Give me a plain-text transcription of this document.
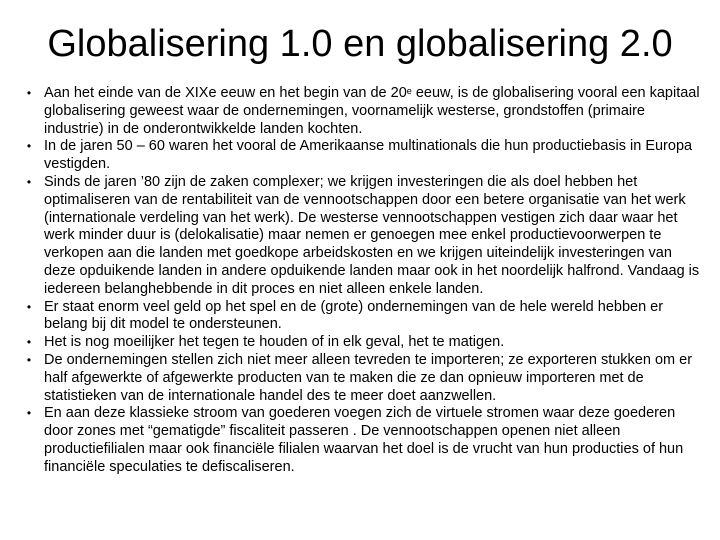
Globalisering 1.0 en globalisering 2.0
• Aan het einde van de XIXe eeuw en het begin van de 20e eeuw, is de globalisering vooral een kapitaal globalisering geweest waar de ondernemingen, voornamelijk westerse, grondstoffen (primaire industrie) in de onderontwikkelde landen kochten.
• In de jaren 50 – 60 waren het vooral de Amerikaanse multinationals die hun productiebasis in Europa vestigden.
• Sinds de jaren ’80 zijn de zaken complexer; we krijgen investeringen die als doel hebben het optimaliseren van de rentabiliteit van de vennootschappen door een betere organisatie van het werk (internationale verdeling van het werk). De westerse vennootschappen vestigen zich daar waar het werk minder duur is (delokalisatie) maar nemen er genoegen mee enkel productievoorwerpen te verkopen aan die landen met goedkope arbeidskosten en we krijgen uiteindelijk investeringen van deze opduikende landen in andere opduikende landen maar ook in het noordelijk halfrond. Vandaag is iedereen belanghebbende in dit proces en niet alleen enkele landen.
• Er staat enorm veel geld op het spel en de (grote) ondernemingen van de hele wereld hebben er belang bij dit model te ondersteunen.
• Het is nog moeilijker het tegen te houden of in elk geval, het te matigen.
• De ondernemingen stellen zich niet meer alleen tevreden te importeren; ze exporteren stukken om er half afgewerkte of afgewerkte producten van te maken die ze dan opnieuw importeren met de statistieken van de internationale handel des te meer doet aanzwellen.
• En aan deze klassieke stroom van goederen voegen zich de virtuele stromen waar deze goederen door zones met “gematigde” fiscaliteit passeren . De vennootschappen openen niet alleen productiefilialen maar ook financiële filialen waarvan het doel is de vrucht van hun producties of hun financiële speculaties te defiscaliseren.
